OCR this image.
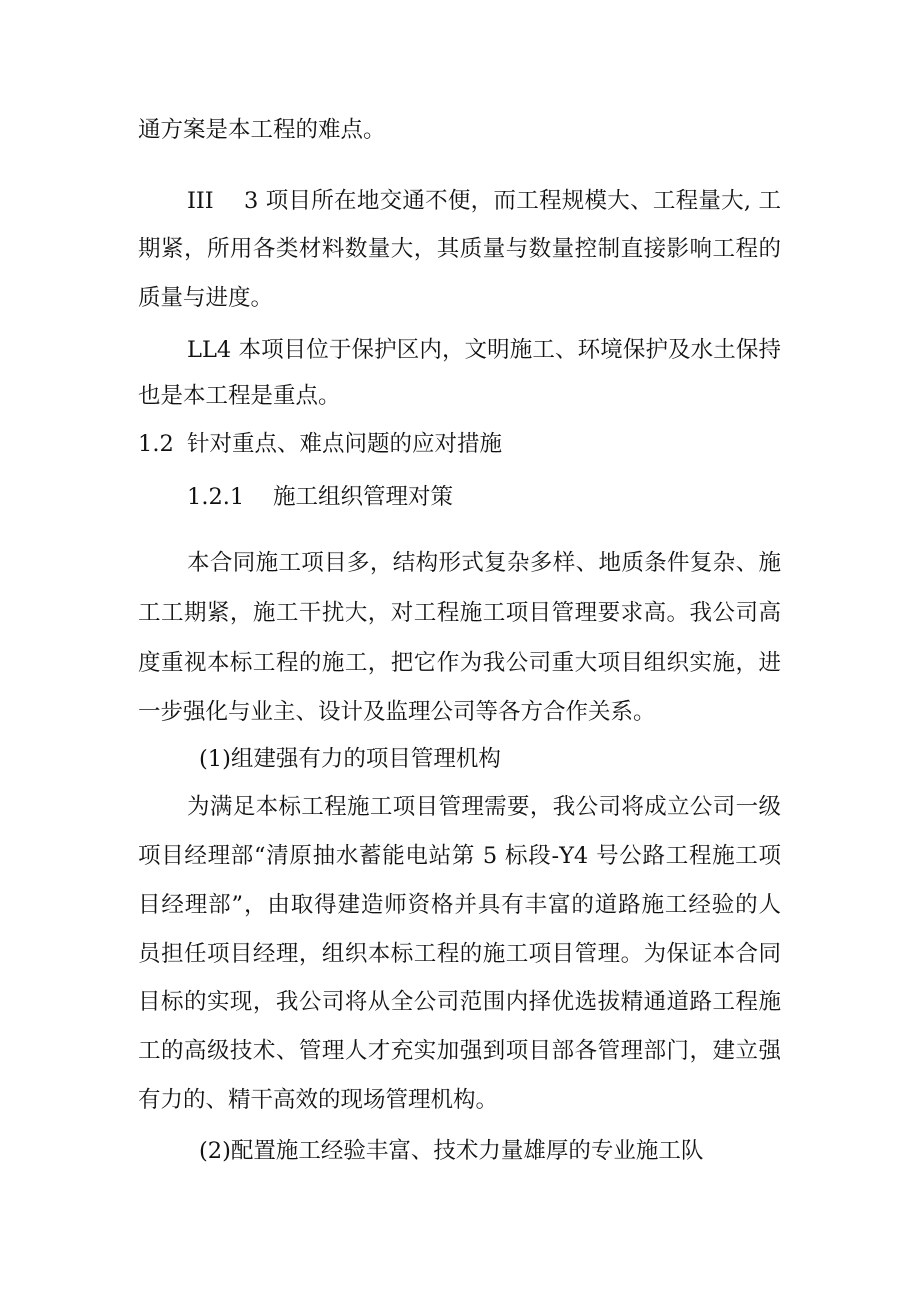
通方案是本工程的难点。
III 3 项目所在地交通不便，而工程规模大、工程量大, 工
期紧，所用各类材料数量大，其质量与数量控制直接影响工程的
质量与进度。
LL4 本项目位于保护区内，文明施工、环境保护及水土保持
也是本工程是重点。
1.2 针对重点、难点问题的应对措施
1.2.1 施工组织管理对策
本合同施工项目多，结构形式复杂多样、地质条件复杂、施
工工期紧，施工干扰大，对工程施工项目管理要求高。我公司高
度重视本标工程的施工，把它作为我公司重大项目组织实施，进
一步强化与业主、设计及监理公司等各方合作关系。
(1)组建强有力的项目管理机构
为满足本标工程施工项目管理需要，我公司将成立公司一级
项目经理部“清原抽水蓄能电站第 5 标段-Y4 号公路工程施工项
目经理部”，由取得建造师资格并具有丰富的道路施工经验的人
员担任项目经理，组织本标工程的施工项目管理。为保证本合同
目标的实现，我公司将从全公司范围内择优选拔精通道路工程施
工的高级技术、管理人才充实加强到项目部各管理部门，建立强
有力的、精干高效的现场管理机构。
(2)配置施工经验丰富、技术力量雄厚的专业施工队
